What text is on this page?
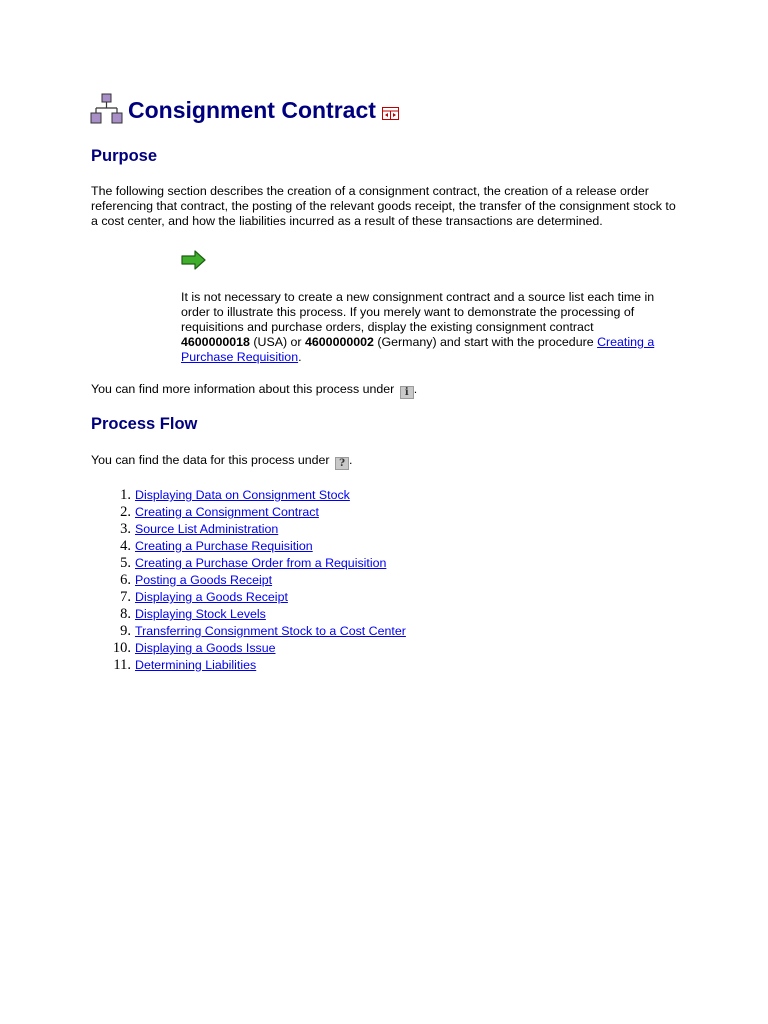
Consignment Contract
Purpose

The following section describes the creation of a consignment contract, the creation of a release order referencing that contract, the posting of the relevant goods receipt, the transfer of the consignment stock to a cost center, and how the liabilities incurred as a result of these transactions are determined.

It is not necessary to create a new consignment contract and a source list each time in order to illustrate this process. If you merely want to demonstrate the processing of requisitions and purchase orders, display the existing consignment contract 4600000018 (USA) or 4600000002 (Germany) and start with the procedure Creating a Purchase Requisition.

You can find more information about this process under i .

Process Flow

You can find the data for this process under ? .

1. Displaying Data on Consignment Stock
2. Creating a Consignment Contract
3. Source List Administration
4. Creating a Purchase Requisition
5. Creating a Purchase Order from a Requisition
6. Posting a Goods Receipt
7. Displaying a Goods Receipt
8. Displaying Stock Levels
9. Transferring Consignment Stock to a Cost Center
10. Displaying a Goods Issue
11. Determining Liabilities
